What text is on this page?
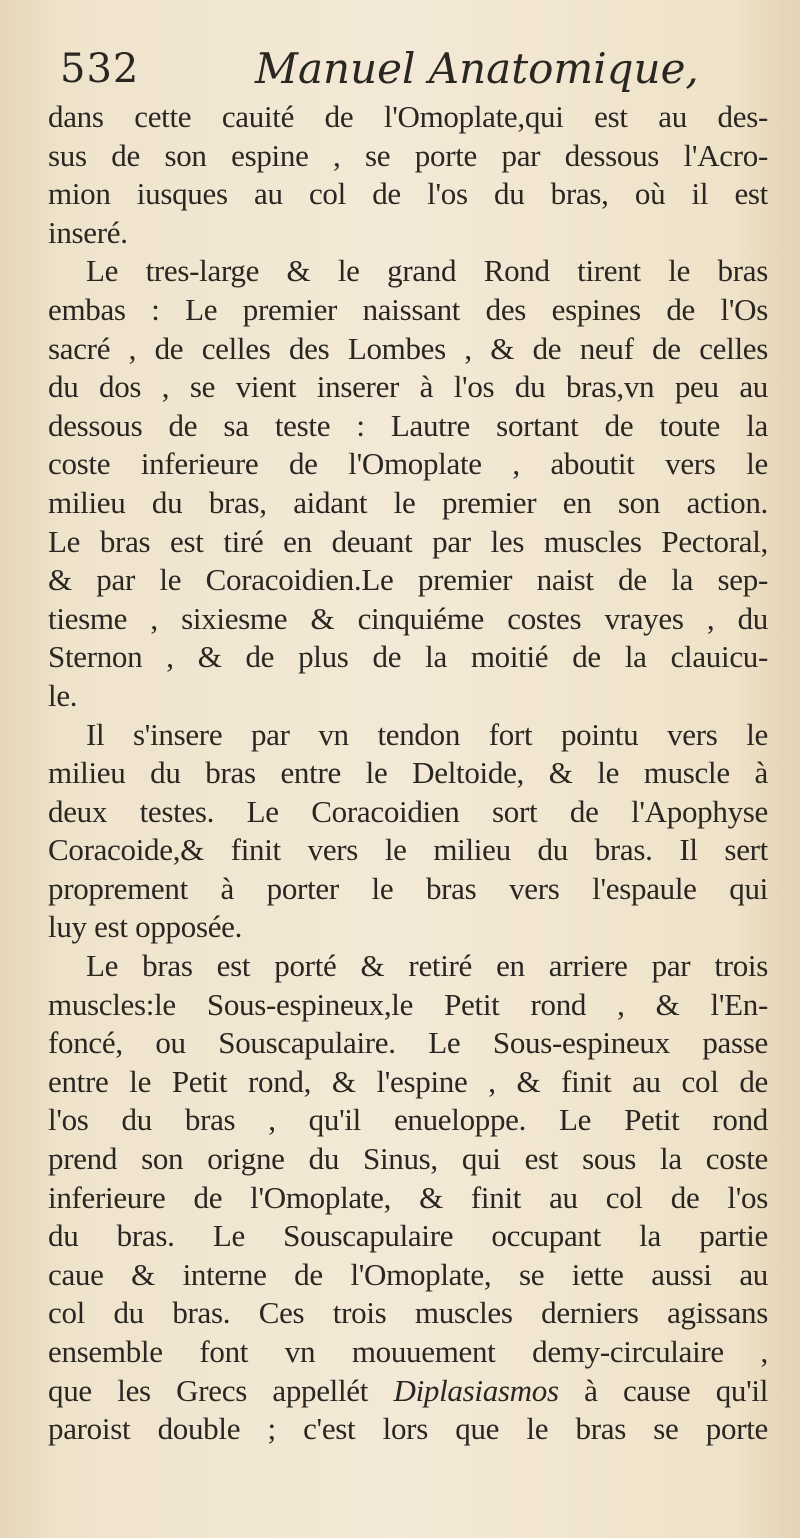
532	Manuel Anatomique,
dans cette cauité de l'Omoplate,qui est au des-
sus de son espine , se porte par dessous l'Acro-
mion iusques au col de l'os du bras, où il est
inseré.
Le tres-large & le grand Rond tirent le bras
embas : Le premier naissant des espines de l'Os
sacré , de celles des Lombes , & de neuf de celles
du dos , se vient inserer à l'os du bras,vn peu au
dessous de sa teste : Lautre sortant de toute la
coste inferieure de l'Omoplate , aboutit vers le
milieu du bras, aidant le premier en son action.
Le bras est tiré en deuant par les muscles Pectoral,
& par le Coracoidien.Le premier naist de la sep-
tiesme , sixiesme & cinquiéme costes vrayes , du
Sternon , & de plus de la moitié de la clauicu-
le.
Il s'insere par vn tendon fort pointu vers le
milieu du bras entre le Deltoide, & le muscle à
deux testes. Le Coracoidien sort de l'Apophyse
Coracoide,& finit vers le milieu du bras. Il sert
proprement à porter le bras vers l'espaule qui
luy est opposée.
Le bras est porté & retiré en arriere par trois
muscles:le Sous-espineux,le Petit rond , & l'En-
foncé, ou Souscapulaire. Le Sous-espineux passe
entre le Petit rond, & l'espine , & finit au col de
l'os du bras , qu'il enueloppe. Le Petit rond
prend son origne du Sinus, qui est sous la coste
inferieure de l'Omoplate, & finit au col de l'os
du bras. Le Souscapulaire occupant la partie
caue & interne de l'Omoplate, se iette aussi au
col du bras. Ces trois muscles derniers agissans
ensemble font vn mouuement demy-circulaire ,
que les Grecs appellét Diplasiasmos à cause qu'il
paroist double ; c'est lors que le bras se porte
